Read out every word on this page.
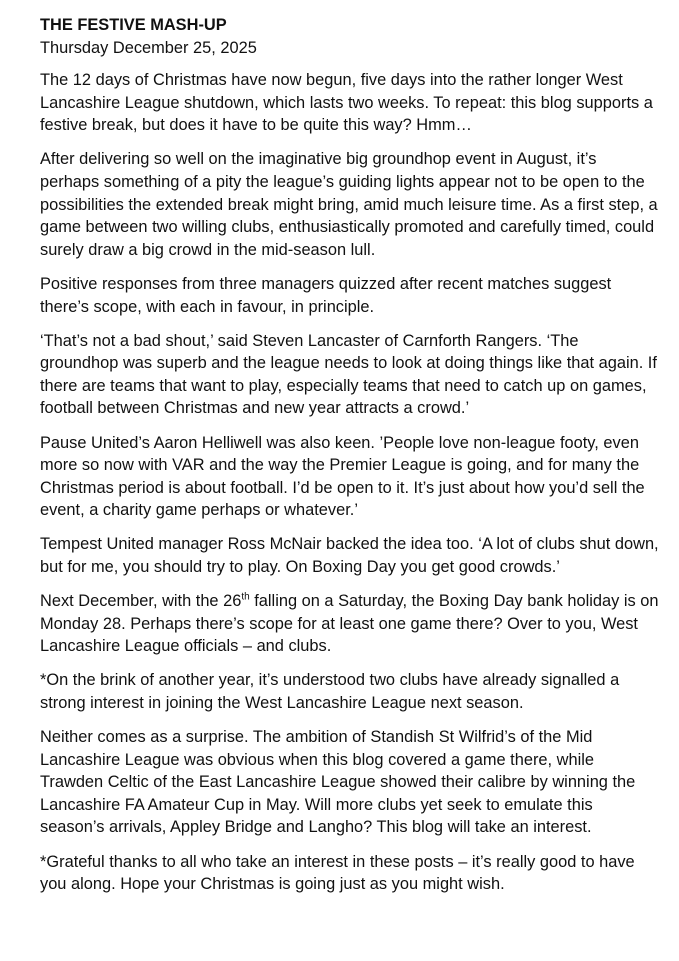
THE FESTIVE MASH-UP

Thursday December 25, 2025

The 12 days of Christmas have now begun, five days into the rather longer West Lancashire League shutdown, which lasts two weeks. To repeat: this blog supports a festive break, but does it have to be quite this way? Hmm…

After delivering so well on the imaginative big groundhop event in August, it’s perhaps something of a pity the league’s guiding lights appear not to be open to the possibilities the extended break might bring, amid much leisure time. As a first step, a game between two willing clubs, enthusiastically promoted and carefully timed, could surely draw a big crowd in the mid-season lull.

Positive responses from three managers quizzed after recent matches suggest there’s scope, with each in favour, in principle.

‘That’s not a bad shout,’ said Steven Lancaster of Carnforth Rangers. ‘The groundhop was superb and the league needs to look at doing things like that again. If there are teams that want to play, especially teams that need to catch up on games, football between Christmas and new year attracts a crowd.’

Pause United’s Aaron Helliwell was also keen. ’People love non-league footy, even more so now with VAR and the way the Premier League is going, and for many the Christmas period is about football. I’d be open to it. It’s just about how you’d sell the event, a charity game perhaps or whatever.’

Tempest United manager Ross McNair backed the idea too. ‘A lot of clubs shut down, but for me, you should try to play. On Boxing Day you get good crowds.’

Next December, with the 26th falling on a Saturday, the Boxing Day bank holiday is on Monday 28. Perhaps there’s scope for at least one game there? Over to you, West Lancashire League officials – and clubs.

*On the brink of another year, it’s understood two clubs have already signalled a strong interest in joining the West Lancashire League next season.

Neither comes as a surprise. The ambition of Standish St Wilfrid’s of the Mid Lancashire League was obvious when this blog covered a game there, while Trawden Celtic of the East Lancashire League showed their calibre by winning the Lancashire FA Amateur Cup in May. Will more clubs yet seek to emulate this season’s arrivals, Appley Bridge and Langho? This blog will take an interest.

*Grateful thanks to all who take an interest in these posts – it’s really good to have you along. Hope your Christmas is going just as you might wish.
